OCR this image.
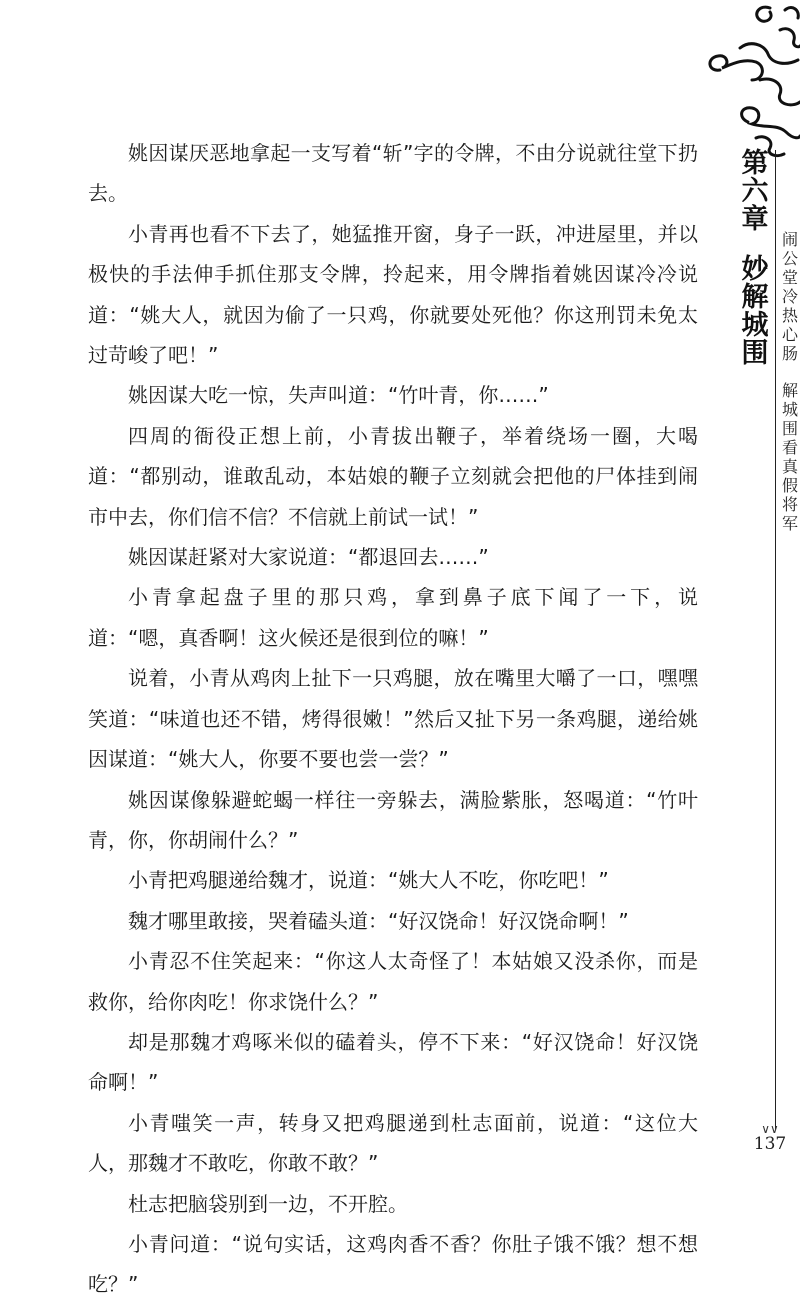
第
六
章
妙
解
城
围
闹
公
堂
冷
热
心
肠
解
城
围
看
真
假
将
军

姚因谋厌恶地拿起一支写着“斩”字的令牌，不由分说就往堂下扔去。

小青再也看不下去了，她猛推开窗，身子一跃，冲进屋里，并以极快的手法伸手抓住那支令牌，拎起来，用令牌指着姚因谋冷冷说道：“姚大人，就因为偷了一只鸡，你就要处死他？你这刑罚未免太过苛峻了吧！”

姚因谋大吃一惊，失声叫道：“竹叶青，你……”

四周的衙役正想上前，小青拔出鞭子，举着绕场一圈，大喝道：“都别动，谁敢乱动，本姑娘的鞭子立刻就会把他的尸体挂到闹市中去，你们信不信？不信就上前试一试！”

姚因谋赶紧对大家说道：“都退回去……”

小青拿起盘子里的那只鸡，拿到鼻子底下闻了一下，说道：“嗯，真香啊！这火候还是很到位的嘛！”

说着，小青从鸡肉上扯下一只鸡腿，放在嘴里大嚼了一口，嘿嘿笑道：“味道也还不错，烤得很嫩！”然后又扯下另一条鸡腿，递给姚因谋道：“姚大人，你要不要也尝一尝？”

姚因谋像躲避蛇蝎一样往一旁躲去，满脸紫胀，怒喝道：“竹叶青，你，你胡闹什么？”

小青把鸡腿递给魏才，说道：“姚大人不吃，你吃吧！”

魏才哪里敢接，哭着磕头道：“好汉饶命！好汉饶命啊！”

小青忍不住笑起来：“你这人太奇怪了！本姑娘又没杀你，而是救你，给你肉吃！你求饶什么？”

却是那魏才鸡啄米似的磕着头，停不下来：“好汉饶命！好汉饶命啊！”

小青嗤笑一声，转身又把鸡腿递到杜志面前，说道：“这位大人，那魏才不敢吃，你敢不敢？”

杜志把脑袋别到一边，不开腔。

小青问道：“说句实话，这鸡肉香不香？你肚子饿不饿？想不想吃？”

∨∨
137
